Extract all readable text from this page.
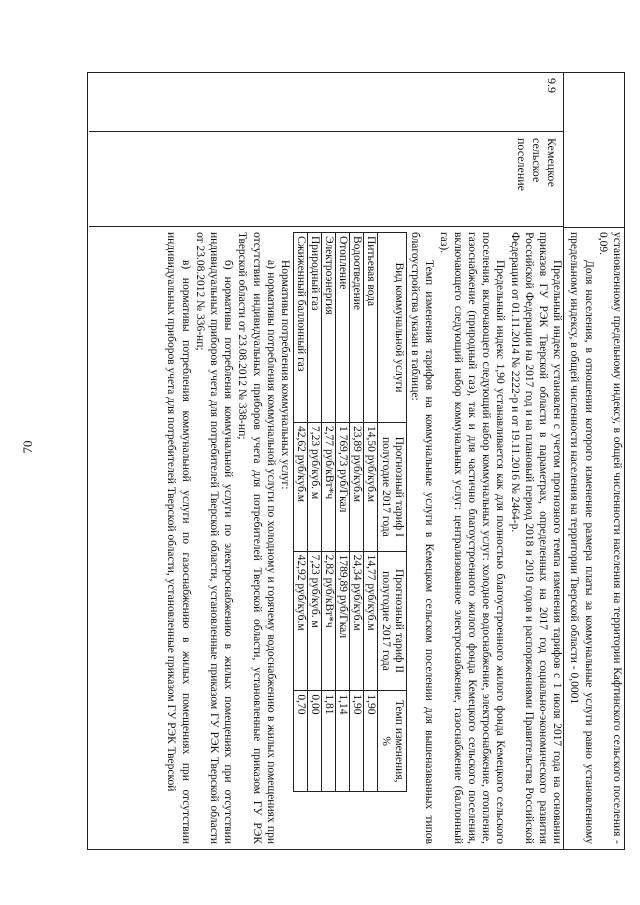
70
9.9
Кемецкое сельское поселение

установленному предельному индексу, в общей численности населения на территории Кафтинского сельского поселения - 0,09.

Доля населения, в отношении которого изменение размера платы за коммунальные услуги равно установленному предельному индексу, в общей численности населения на территории Тверской области - 0,0001

Предельный индекс установлен с учетом прогнозного темпа изменения тарифов с 1 июля 2017 года на основании приказов ГУ РЭК Тверской области в параметрах, определенных на 2017 год социально-экономического развития Российской Федерации на 2017 год и на плановый период 2018 и 2019 годов и распоряжениями Правительства Российской Федерации от 01.11.2014 № 2222-р и от 19.11.2016 № 2464-р.

Предельный индекс 1,90 устанавливается как для полностью благоустроенного жилого фонда Кемецкого сельского поселения, включающего следующий набор коммунальных услуг: холодное водоснабжение, электроснабжение, отопление, газоснабжение (природный газ), так и для частично благоустроенного жилого фонда Кемецкого сельского поселения, включающего следующий набор коммунальных услуг: централизованное электроснабжение, газоснабжение (баллонный газ).

Темп изменения тарифов на коммунальные услуги в Кемецком сельском поселении для вышеназванных типов благоустройства указан в таблице:

Вид коммунальной услуги	Прогнозный тариф I полугодие 2017 года	Прогнозный тариф II полугодие 2017 года	Темп изменения, %
Питьевая вода	14,50 руб/куб.м	14,77 руб/куб.м	1,90
Водоотведение	23,89 руб/куб.м	24,34 руб/куб.м	1,90
Отопление	1 769,73 руб/Гкал	1789,89 руб/Гкал	1,14
Электроэнергия	2,77 руб/кВт*ч	2,82 руб/кВт*ч	1,81
Природный газ	7,23 руб/куб. м	7,23 руб/куб. м	0,00
Сжиженный баллонный газ	42,62 руб/куб.м	42,92 руб/куб.м	0,70

Нормативы потребления коммунальных услуг:

а) нормативы потребления коммунальной услуги по холодному и горячему водоснабжению в жилых помещениях при отсутствии индивидуальных приборов учета для потребителей Тверской области, установленные приказом ГУ РЭК Тверской области от 23.08.2012 № 338-нп;

б) нормативы потребления коммунальной услуги по электроснабжению в жилых помещениях при отсутствии индивидуальных приборов учета для потребителей Тверской области, установленные приказом ГУ РЭК Тверской области от 23.08.2012 № 336-нп;

в) нормативы потребления коммунальной услуги по газоснабжению в жилых помещениях при отсутствии индивидуальных приборов учета для потребителей Тверской области, установленные приказом ГУ РЭК Тверской
